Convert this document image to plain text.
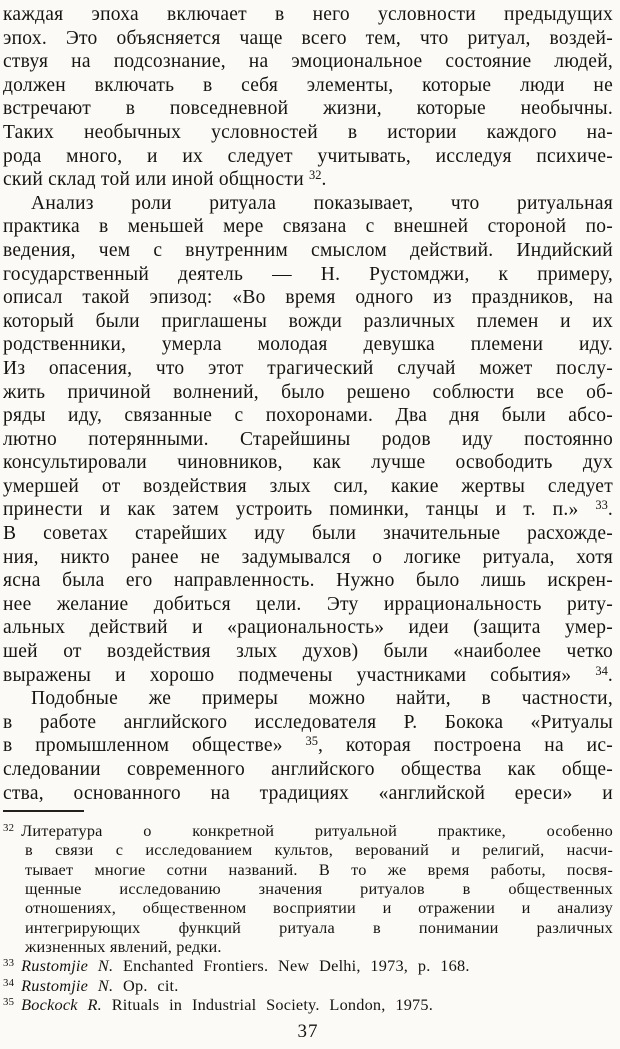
каждая эпоха включает в него условности предыдущих
эпох. Это объясняется чаще всего тем, что ритуал, воздей-
ствуя на подсознание, на эмоциональное состояние людей,
должен включать в себя элементы, которые люди не
встречают в повседневной жизни, которые необычны.
Таких необычных условностей в истории каждого на-
рода много, и их следует учитывать, исследуя психиче-
ский склад той или иной общности $^{32}$.
Анализ роли ритуала показывает, что ритуальная
практика в меньшей мере связана с внешней стороной по-
ведения, чем с внутренним смыслом действий. Индийский
государственный деятель — Н. Рустомджи, к примеру,
описал такой эпизод: «Во время одного из праздников, на
который были приглашены вожди различных племен и их
родственники, умерла молодая девушка племени иду.
Из опасения, что этот трагический случай может послу-
жить причиной волнений, было решено соблюсти все об-
ряды иду, связанные с похоронами. Два дня были абсо-
лютно потерянными. Старейшины родов иду постоянно
консультировали чиновников, как лучше освободить дух
умершей от воздействия злых сил, какие жертвы следует
принести и как затем устроить поминки, танцы и т. п.» $^{33}$.
В советах старейших иду были значительные расхожде-
ния, никто ранее не задумывался о логике ритуала, хотя
ясна была его направленность. Нужно было лишь искрен-
нее желание добиться цели. Эту иррациональность риту-
альных действий и «рациональность» идеи (защита умер-
шей от воздействия злых духов) были «наиболее четко
выражены и хорошо подмечены участниками события» $^{34}$.
Подобные же примеры можно найти, в частности,
в работе английского исследователя Р. Бокока «Ритуалы
в промышленном обществе» $^{35}$, которая построена на ис-
следовании современного английского общества как обще-
ства, основанного на традициях «английской ереси» и
$^{32}$ Литература о конкретной ритуальной практике, особенно
в связи с исследованием культов, верований и религий, насчи-
тывает многие сотни названий. В то же время работы, посвя-
щенные исследованию значения ритуалов в общественных
отношениях, общественном восприятии и отражении и анализу
интегрирующих функций ритуала в понимании различных
жизненных явлений, редки.
$^{33}$ Rustomjie N. Enchanted Frontiers. New Delhi, 1973, p. 168.
$^{34}$ Rustomjie N. Op. cit.
$^{35}$ Bockock R. Rituals in Industrial Society. London, 1975.
37
